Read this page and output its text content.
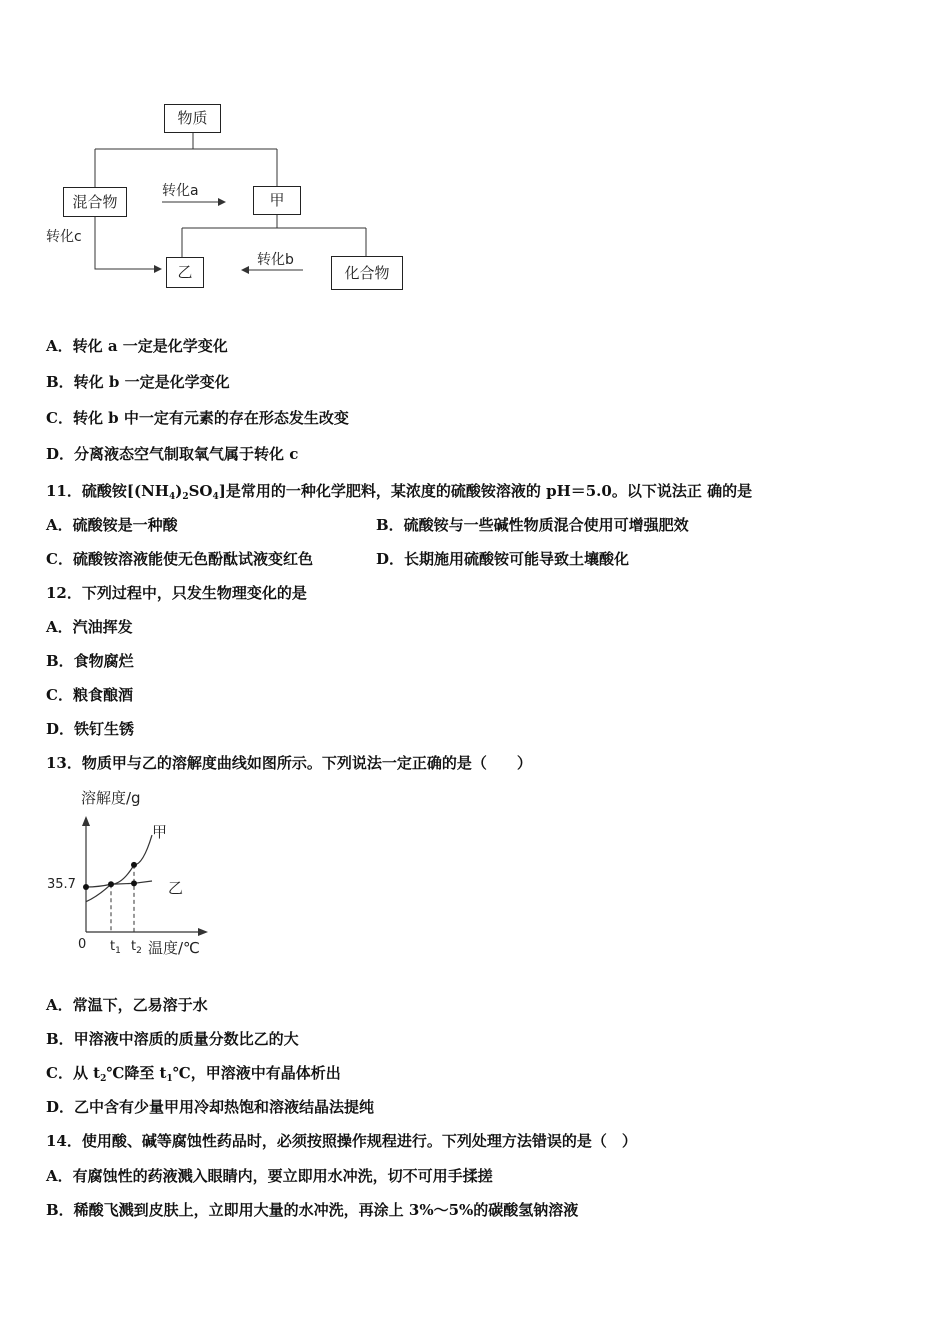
物质
混合物	甲
乙	化合物
转化a
转化b
转化c
A．转化 a 一定是化学变化
B．转化 b 一定是化学变化
C．转化 b 中一定有元素的存在形态发生改变
D．分离液态空气制取氧气属于转化 c
11．硫酸铵$[(NH_4)_2SO_4]$是常用的一种化学肥料，某浓度的硫酸铵溶液的 pH＝5.0。以下说法正 确的是
A．硫酸铵是一种酸	B．硫酸铵与一些碱性物质混合使用可增强肥效
C．硫酸铵溶液能使无色酚酞试液变红色	D．长期施用硫酸铵可能导致土壤酸化
12．下列过程中，只发生物理变化的是
A．汽油挥发
B．食物腐烂
C．粮食酿酒
D．铁钉生锈
13．物质甲与乙的溶解度曲线如图所示。下列说法一定正确的是（　　）
溶解度/g
温度/℃
0
35.7
$t_1$ $t_2$
甲
乙
A．常温下，乙易溶于水
B．甲溶液中溶质的质量分数比乙的大
C．从 $t_2℃$降至 $t_1℃$，甲溶液中有晶体析出
D．乙中含有少量甲用冷却热饱和溶液结晶法提纯
14．使用酸、碱等腐蚀性药品时，必须按照操作规程进行。下列处理方法错误的是（　）
A．有腐蚀性的药液溅入眼睛内，要立即用水冲洗，切不可用手揉搓
B．稀酸飞溅到皮肤上，立即用大量的水冲洗，再涂上 3%～5%的碳酸氢钠溶液
